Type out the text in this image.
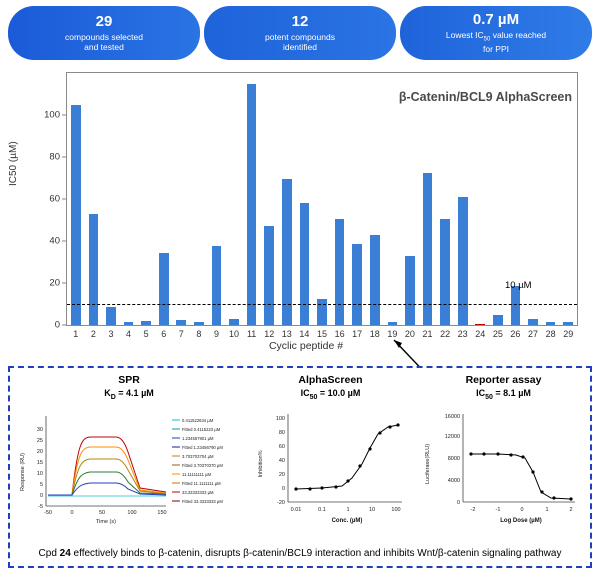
29
compounds selected
and tested
12
potent compounds
identified
0.7 µM
Lowest $IC_{50}$ value reached
for PPI
IC50 (µM)
0
20
40
60
80
100
β-Catenin/BCL9 AlphaScreen
10 µM
1 2 3 4 5 6 7 8 9 10 11 12 13 14 15 16 17 18 19 20 21 22 23 24 25 26 27 28 29
Cyclic peptide #
SPR
$K_D = 4.1$ µM
Response (RU)
-5
0
5
10
15
20
25
30
-50	0	50	100	150
Time (s)
0.411522634 µM
Fitted 0.4115223 µM
1.234567901 µM
Fitted 1.23456790 µM
3.703703704 µM
Fitted 3.70370370 µM
11.11111111 µM
Fitted 11.1111111 µM
33.33333333 µM
Fitted 33.3333333 µM
AlphaScreen
$IC_{50} = 10.0$ µM
Inhibition%
-20
0
20
40
60
80
100
0.01	0.1	1	10	100
Conc. (µM)
Reporter assay
$IC_{50} = 8.1$ µM
Luciferase(RLU)
0
4000
8000
12000
16000
-2	-1	0	1	2
Log Dose (µM)
Cpd 24 effectively binds to β-catenin, disrupts β-catenin/BCL9 interaction and inhibits Wnt/β-catenin signaling pathway
